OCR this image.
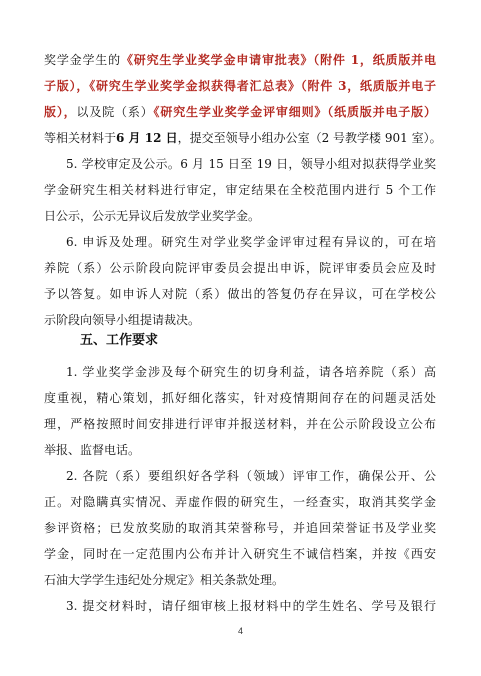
奖学金学生的《研究生学业奖学金申请审批表》（附件 1，纸质版并电
子版），《研究生学业奖学金拟获得者汇总表》（附件 3，纸质版并电子
版），以及院（系）《研究生学业奖学金评审细则》（纸质版并电子版）
等相关材料于6 月 12 日，提交至领导小组办公室（2 号教学楼 901 室）。
5. 学校审定及公示。6 月 15 日至 19 日，领导小组对拟获得学业奖
学金研究生相关材料进行审定，审定结果在全校范围内进行 5 个工作
日公示，公示无异议后发放学业奖学金。
6. 申诉及处理。研究生对学业奖学金评审过程有异议的，可在培
养院（系）公示阶段向院评审委员会提出申诉，院评审委员会应及时
予以答复。如申诉人对院（系）做出的答复仍存在异议，可在学校公
示阶段向领导小组提请裁决。
五、工作要求
1. 学业奖学金涉及每个研究生的切身利益，请各培养院（系）高
度重视，精心策划，抓好细化落实，针对疫情期间存在的问题灵活处
理，严格按照时间安排进行评审并报送材料，并在公示阶段设立公布
举报、监督电话。
2. 各院（系）要组织好各学科（领域）评审工作，确保公开、公
正。对隐瞒真实情况、弄虚作假的研究生，一经查实，取消其奖学金
参评资格；已发放奖励的取消其荣誉称号，并追回荣誉证书及学业奖
学金，同时在一定范围内公布并计入研究生不诚信档案，并按《西安
石油大学学生违纪处分规定》相关条款处理。
3. 提交材料时，请仔细审核上报材料中的学生姓名、学号及银行
4
